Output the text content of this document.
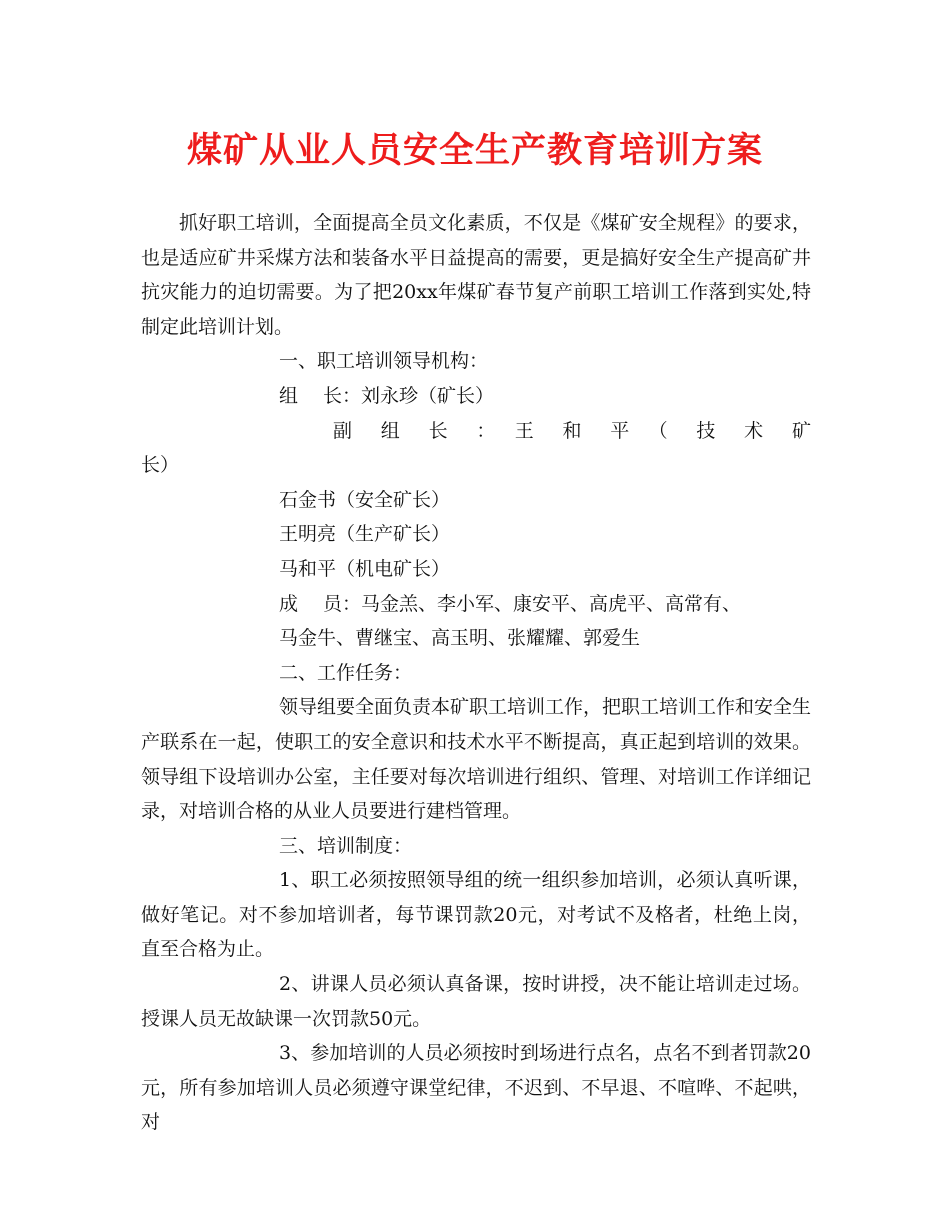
煤矿从业人员安全生产教育培训方案

抓好职工培训，全面提高全员文化素质，不仅是《煤矿安全规程》的要求，也是适应矿井采煤方法和装备水平日益提高的需要，更是搞好安全生产提高矿井抗灾能力的迫切需要。为了把20xx年煤矿春节复产前职工培训工作落到实处,特制定此培训计划。

一、职工培训领导机构：

组　 长：刘永珍（矿长）

副　组　长　：　王　和　平　（　技　术　矿

长）

石金书（安全矿长）

王明亮（生产矿长）

马和平（机电矿长）

成　 员：马金羔、李小军、康安平、高虎平、高常有、

马金牛、曹继宝、高玉明、张耀耀、郭爱生

二、工作任务：

领导组要全面负责本矿职工培训工作，把职工培训工作和安全生产联系在一起，使职工的安全意识和技术水平不断提高，真正起到培训的效果。领导组下设培训办公室，主任要对每次培训进行组织、管理、对培训工作详细记录，对培训合格的从业人员要进行建档管理。

三、培训制度：

1、职工必须按照领导组的统一组织参加培训，必须认真听课，做好笔记。对不参加培训者，每节课罚款20元，对考试不及格者，杜绝上岗，直至合格为止。

2、讲课人员必须认真备课，按时讲授，决不能让培训走过场。授课人员无故缺课一次罚款50元。

3、参加培训的人员必须按时到场进行点名，点名不到者罚款20元，所有参加培训人员必须遵守课堂纪律，不迟到、不早退、不喧哗、不起哄，对
